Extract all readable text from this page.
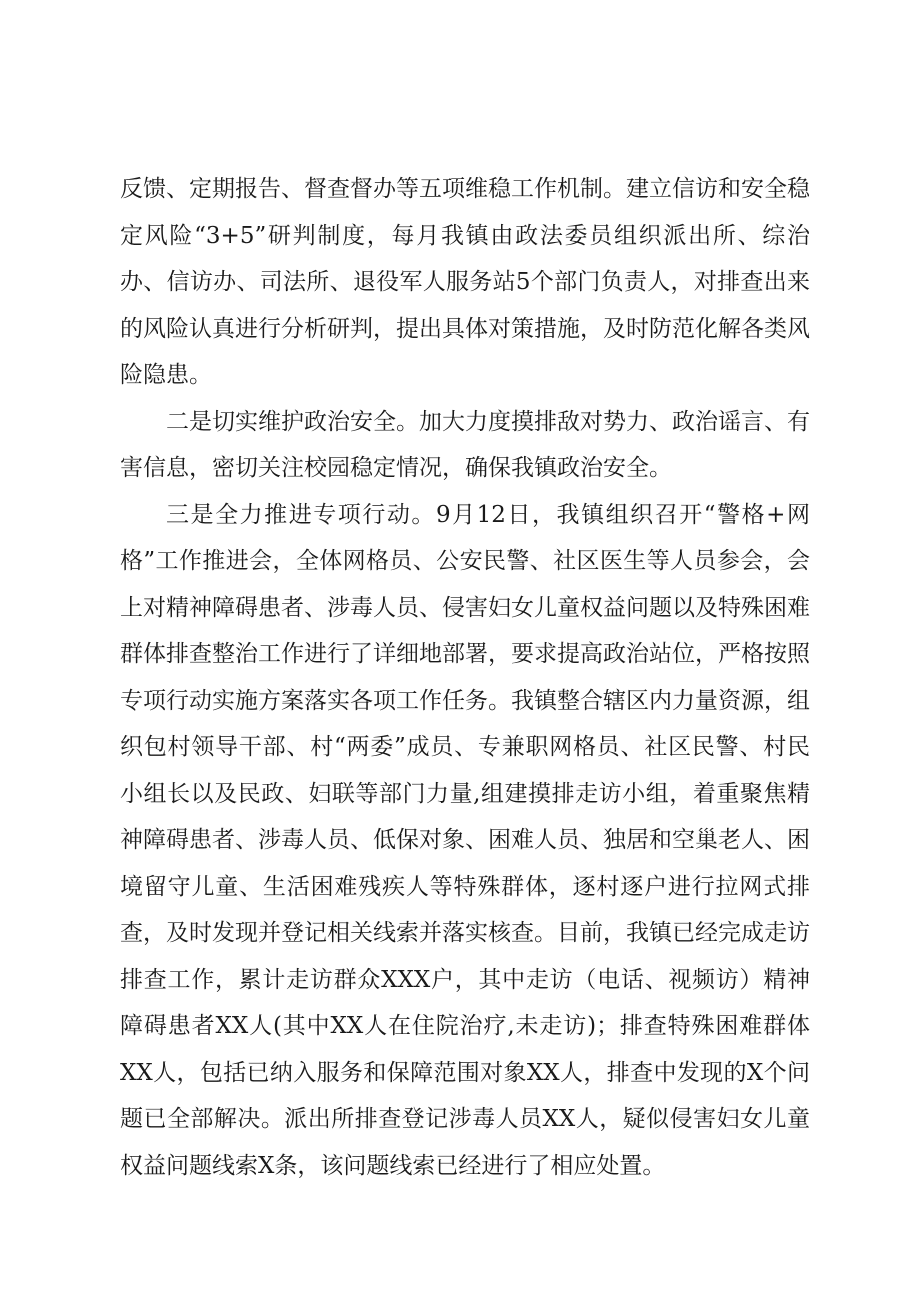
反馈、定期报告、督查督办等五项维稳工作机制。建立信访和安全稳定风险“3+5”研判制度，每月我镇由政法委员组织派出所、综治办、信访办、司法所、退役军人服务站5个部门负责人，对排查出来的风险认真进行分析研判，提出具体对策措施，及时防范化解各类风险隐患。

二是切实维护政治安全。加大力度摸排敌对势力、政治谣言、有害信息，密切关注校园稳定情况，确保我镇政治安全。

三是全力推进专项行动。9月12日，我镇组织召开“警格+网格”工作推进会，全体网格员、公安民警、社区医生等人员参会，会上对精神障碍患者、涉毒人员、侵害妇女儿童权益问题以及特殊困难群体排查整治工作进行了详细地部署，要求提高政治站位，严格按照专项行动实施方案落实各项工作任务。我镇整合辖区内力量资源，组织包村领导干部、村“两委”成员、专兼职网格员、社区民警、村民小组长以及民政、妇联等部门力量,组建摸排走访小组，着重聚焦精神障碍患者、涉毒人员、低保对象、困难人员、独居和空巢老人、困境留守儿童、生活困难残疾人等特殊群体，逐村逐户进行拉网式排查，及时发现并登记相关线索并落实核查。目前，我镇已经完成走访排查工作，累计走访群众XXX户，其中走访（电话、视频访）精神障碍患者XX人(其中XX人在住院治疗,未走访)；排查特殊困难群体XX人，包括已纳入服务和保障范围对象XX人，排查中发现的X个问题已全部解决。派出所排查登记涉毒人员XX人，疑似侵害妇女儿童权益问题线索X条，该问题线索已经进行了相应处置。
